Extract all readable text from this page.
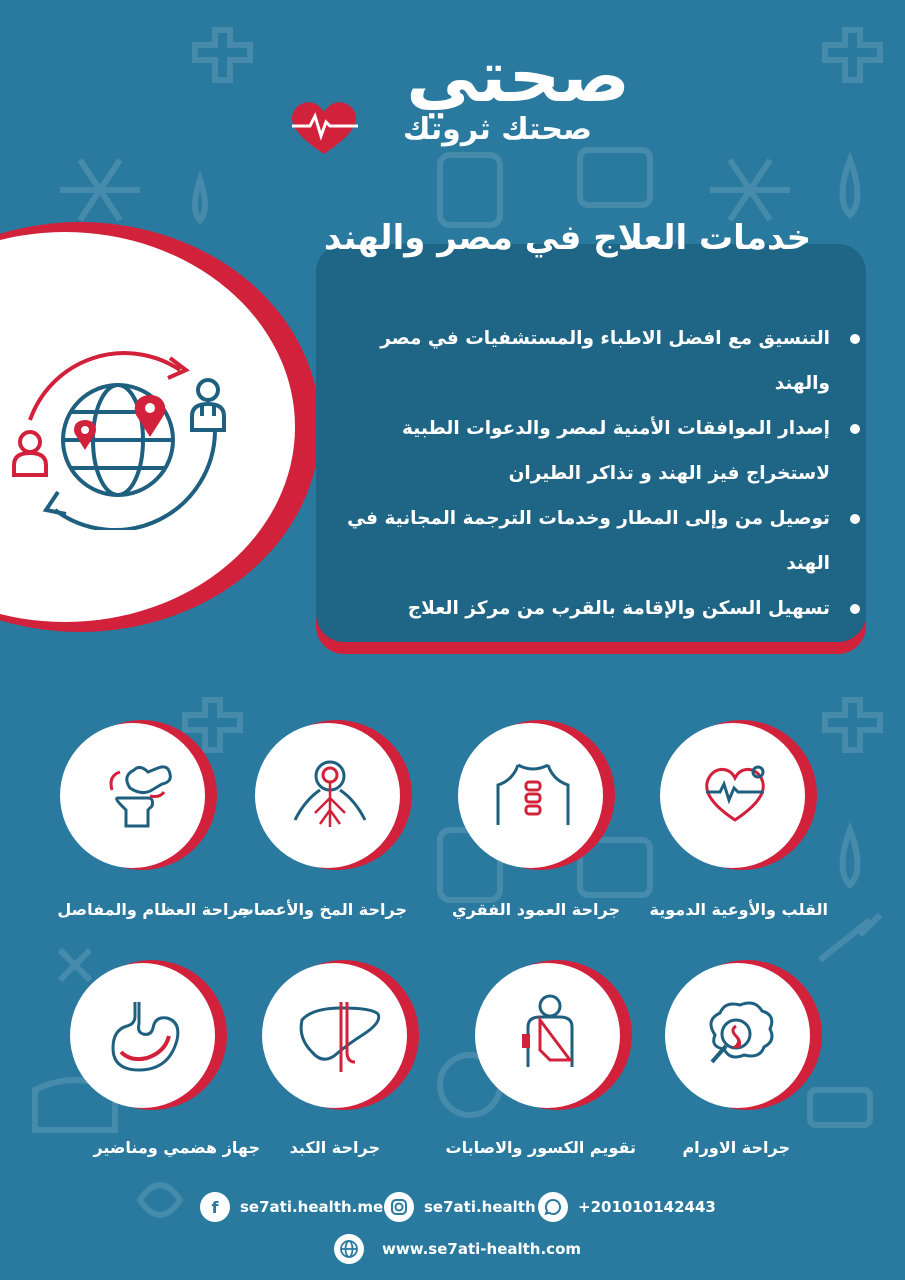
صحتي
صحتك ثروتك
خدمات العلاج في مصر والهند
التنسيق مع افضل الاطباء والمستشفيات في مصر والهند
إصدار الموافقات الأمنية لمصر والدعوات الطبية لاستخراج فيز الهند و تذاكر الطيران
توصيل من وإلى المطار وخدمات الترجمة المجانية في الهند
تسهيل السكن والإقامة بالقرب من مركز العلاج
القلب والأوعية الدموية
جراحة العمود الفقري
جراحة المخ والأعصاب
جراحة العظام والمفاصل
جراحة الاورام
تقويم الكسور والاصابات
جراحة الكبد
جهاز هضمي ومناضير
f	se7ati.health.me	se7ati.health	+201010142443
www.se7ati-health.com
